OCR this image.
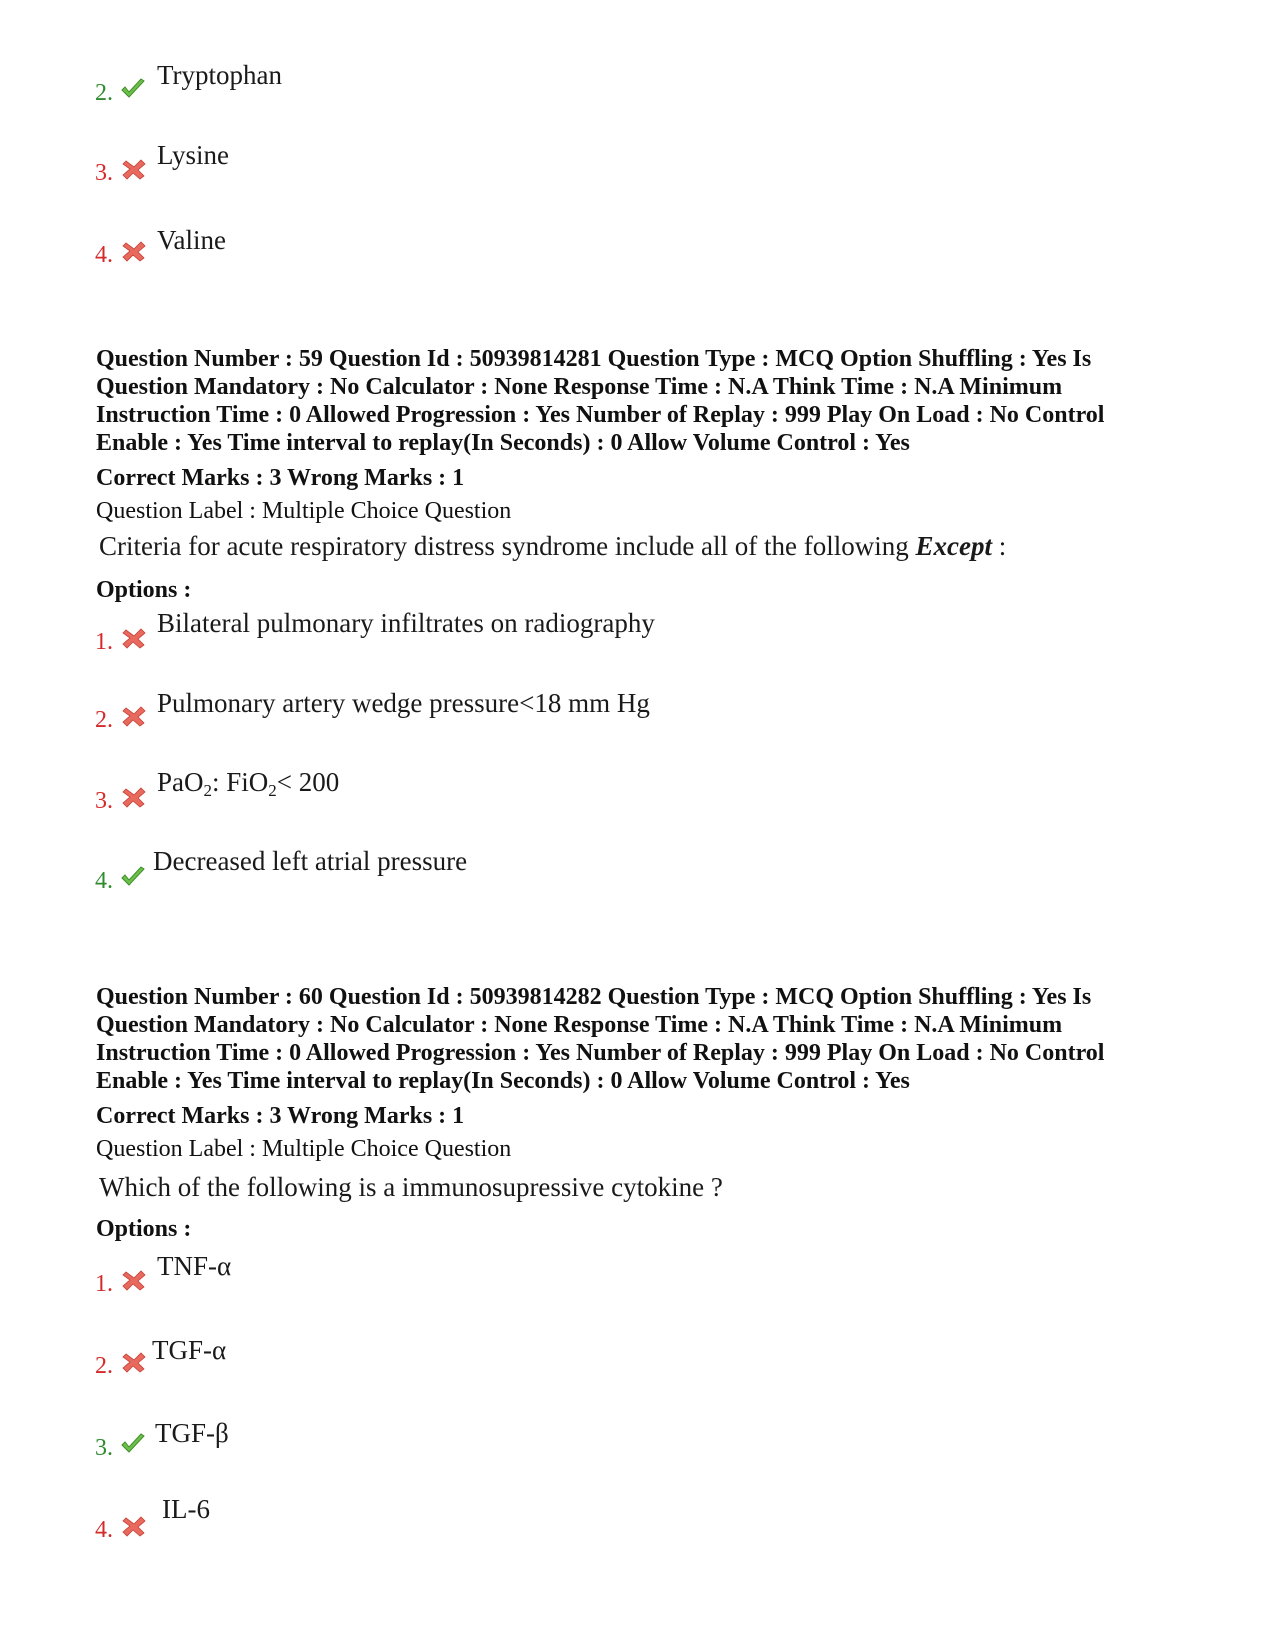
2.
Tryptophan
3.
Lysine
4. Valine
Question Number : 59 Question Id : 50939814281 Question Type : MCQ Option Shuffling : Yes Is
Question Mandatory : No Calculator : None Response Time : N.A Think Time : N.A Minimum
Instruction Time : 0 Allowed Progression : Yes Number of Replay : 999 Play On Load : No Control
Enable : Yes Time interval to replay(In Seconds) : 0 Allow Volume Control : Yes
Correct Marks : 3 Wrong Marks : 1
Question Label : Multiple Choice Question
Criteria for acute respiratory distress syndrome include all of the following Except :
Options :
1.
Bilateral pulmonary infiltrates on radiography
2.
Pulmonary artery wedge pressure<18 mm Hg
3.
PaO$_2$: FiO$_2$< 200
4.
Decreased left atrial pressure
Question Number : 60 Question Id : 50939814282 Question Type : MCQ Option Shuffling : Yes Is
Question Mandatory : No Calculator : None Response Time : N.A Think Time : N.A Minimum
Instruction Time : 0 Allowed Progression : Yes Number of Replay : 999 Play On Load : No Control
Enable : Yes Time interval to replay(In Seconds) : 0 Allow Volume Control : Yes
Correct Marks : 3 Wrong Marks : 1
Question Label : Multiple Choice Question
Which of the following is a immunosupressive cytokine ?
Options :
1.
TNF-α
2.
TGF-α
3. TGF-β
4.
IL-6
